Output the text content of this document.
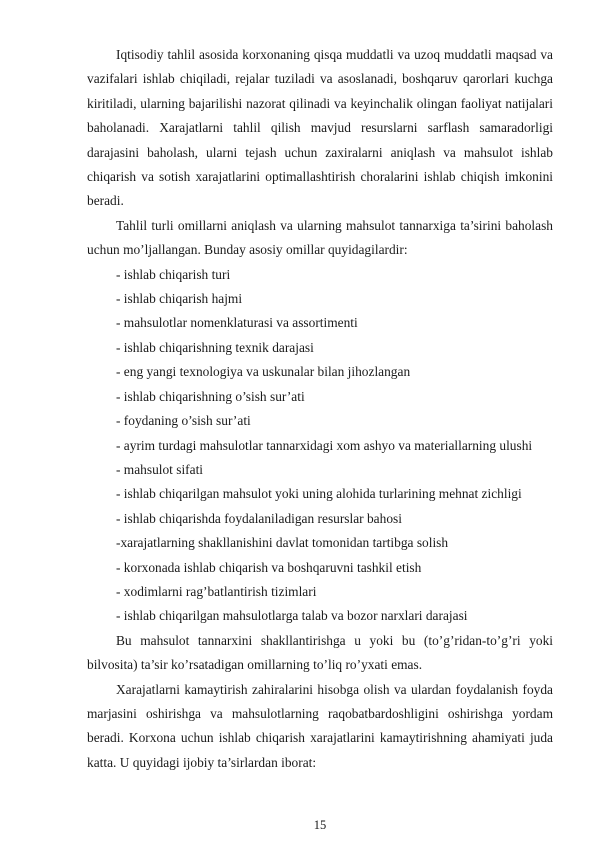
Iqtisodiy tahlil asosida korxonaning qisqa muddatli va uzoq muddatli maqsad va vazifalari ishlab chiqiladi, rejalar tuziladi va asoslanadi, boshqaruv qarorlari kuchga kiritiladi, ularning bajarilishi nazorat qilinadi va keyinchalik olingan faoliyat natijalari baholanadi. Xarajatlarni tahlil qilish mavjud resurslarni sarflash samaradorligi darajasini baholash, ularni tejash uchun zaxiralarni aniqlash va mahsulot ishlab chiqarish va sotish xarajatlarini optimallashtirish choralarini ishlab chiqish imkonini beradi.

Tahlil turli omillarni aniqlash va ularning mahsulot tannarxiga ta’sirini baholash uchun mo’ljallangan. Bunday asosiy omillar quyidagilardir:

- ishlab chiqarish turi

- ishlab chiqarish hajmi

- mahsulotlar nomenklaturasi va assortimenti

- ishlab chiqarishning texnik darajasi

- eng yangi texnologiya va uskunalar bilan jihozlangan

- ishlab chiqarishning o’sish sur’ati

- foydaning o’sish sur’ati

- ayrim turdagi mahsulotlar tannarxidagi xom ashyo va materiallarning ulushi

- mahsulot sifati

- ishlab chiqarilgan mahsulot yoki uning alohida turlarining mehnat zichligi

- ishlab chiqarishda foydalaniladigan resurslar bahosi

-xarajatlarning shakllanishini davlat tomonidan tartibga solish

- korxonada ishlab chiqarish va boshqaruvni tashkil etish

- xodimlarni rag’batlantirish tizimlari

- ishlab chiqarilgan mahsulotlarga talab va bozor narxlari darajasi

Bu mahsulot tannarxini shakllantirishga u yoki bu (to’g’ridan-to’g’ri yoki bilvosita) ta’sir ko’rsatadigan omillarning to’liq ro’yxati emas.

Xarajatlarni kamaytirish zahiralarini hisobga olish va ulardan foydalanish foyda marjasini oshirishga va mahsulotlarning raqobatbardoshligini oshirishga yordam beradi. Korxona uchun ishlab chiqarish xarajatlarini kamaytirishning ahamiyati juda katta. U quyidagi ijobiy ta’sirlardan iborat:

15
